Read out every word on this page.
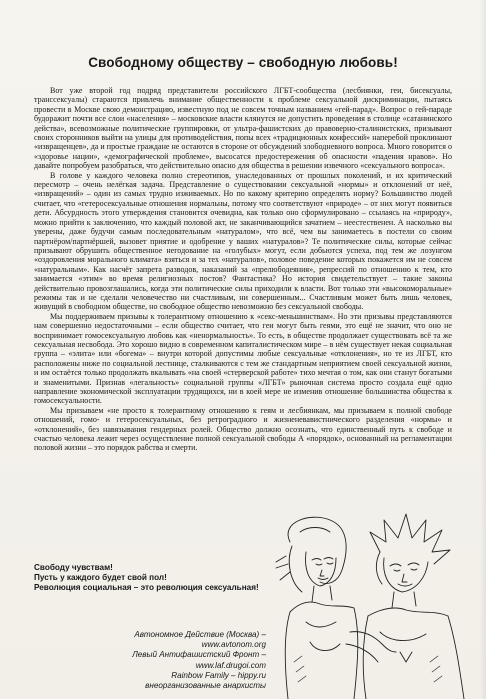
Свободному обществу – свободную любовь!

Вот уже второй год подряд представители российского ЛГБТ-сообщества (лесбиянки, геи, бисексуалы, транссексуалы) стараются привлечь внимание общественности к проблеме сексуальной дискриминации, пытаясь провести в Москве свою демонстрацию, известную под не совсем точным названием «гей-парад». Вопрос о гей-параде будоражит почти все слои «населения» – московские власти клянутся не допустить проведения в столице «сатанинского действа», всевозможные политические группировки, от ультра-фашистских до правоверно-сталинистских, призывают своих сторонников выйти на улицы для противодействия, попы всех «традиционных конфессий» наперебой проклинают «извращенцев», да и простые граждане не остаются в стороне от обсуждений злободневного вопроса. Много говорится о «здоровье нации», «демографической проблеме», высосатся предостережения об опасности «падения нравов». Но давайте попробуем разобраться, что действительно опасно для общества в решении извечного «сексуального вопроса».

В голове у каждого человека полно стереотипов, унаследованных от прошлых поколений, и их критический пересмотр – очень нелёгкая задача. Представление о существовании сексуальной «нормы» и отклонений от неё, «извращений» – один из самых трудно изживаемых. Но по какому критерию определять норму? Большинство людей считает, что «гетеросексуальные отношения нормальны, потому что соответствуют «природе» – от них могут появиться дети. Абсурдность этого утверждения становится очевидна, как только оно сформулировано – ссылаясь на «природу», можно прийти к заключению, что каждый половой акт, не заканчивающийся зачатием – неестественен. А насколько вы уверены, даже будучи самым последовательным «натуралом», что всё, чем вы занимаетесь в постели со своим партнёром/партнёршей, вызовет приятие и одобрение у ваших «натуралов»? Те политические силы, которые сейчас призывают обрушить общественное негодование на «голубых» могут, если добьются успеха, под тем же лозунгом «оздоровления морального климата» взяться и за тех «натуралов», половое поведение которых покажется им не совсем «натуральным». Как насчёт запрета разводов, наказаний за «прелюбодеяния», репрессий по отношению к тем, кто занимается «этим» во время религиозных постов? Фантастика? Но история свидетельствует – такие законы действительно провозглашались, когда эти политические силы приходили к власти. Вот только эти «высокоморальные» режимы так и не сделали человечество ни счастливым, ни совершенным... Счастливым может быть лишь человек, живущий в свободном обществе, но свободное общество невозможно без сексуальной свободы.

Мы поддерживаем призывы к толерантному отношению к «секс-меньшинствам». Но эти призывы представляются нам совершенно недостаточными – если общество считает, что геи могут быть геями, это ещё не значит, что оно не воспринимает гомосексуальную любовь как «ненормальность». То есть, в обществе продолжает существовать всё та же сексуальная несвобода. Это хорошо видно в современном капиталистическом мире – в нём существует некая социальная группа – «элита» или «богема» – внутри которой допустимы любые сексуальные «отклонения», но те из ЛГБТ, кто расположены ниже по социальной лестнице, сталкиваются с тем же стандартным неприятием своей сексуальной жизни, и им остаётся только продолжать вкалывать «на своей «стерверской работе» тихо мечтая о том, как они станут богатыми и знаменитыми. Признав «легальность» социальной группы «ЛГБТ» рыночная система просто создала ещё одно направление экономической эксплуатации трудящихся, ни в коей мере не изменив отношение большинства общества к гомосексуальности.

Мы призываем «не просто к толерантному отношению к геям и лесбиянкам, мы призываем к полной свободе отношений, гомо- и гетеросексуальных, без ретроградного и жизненевавистнического разделения «нормы» и «отклонений», без навязывания гендерных ролей. Общество должно осознать, что единственный путь к свободе и счастью человека лежит через осуществление полной сексуальной свободы А «порядок», основанный на регламентации половой жизни – это порядок рабства и смерти.

Свободу чувствам!
Пусть у каждого будет свой пол!
Революция социальная – это революция сексуальная!
Автономное Действие (Москва) –
www.avtonom.org
Левый Антифашистский Фронт –
www.laf.drugoi.com
Rainbow Family – hippy.ru
внеорганизованные анархисты
